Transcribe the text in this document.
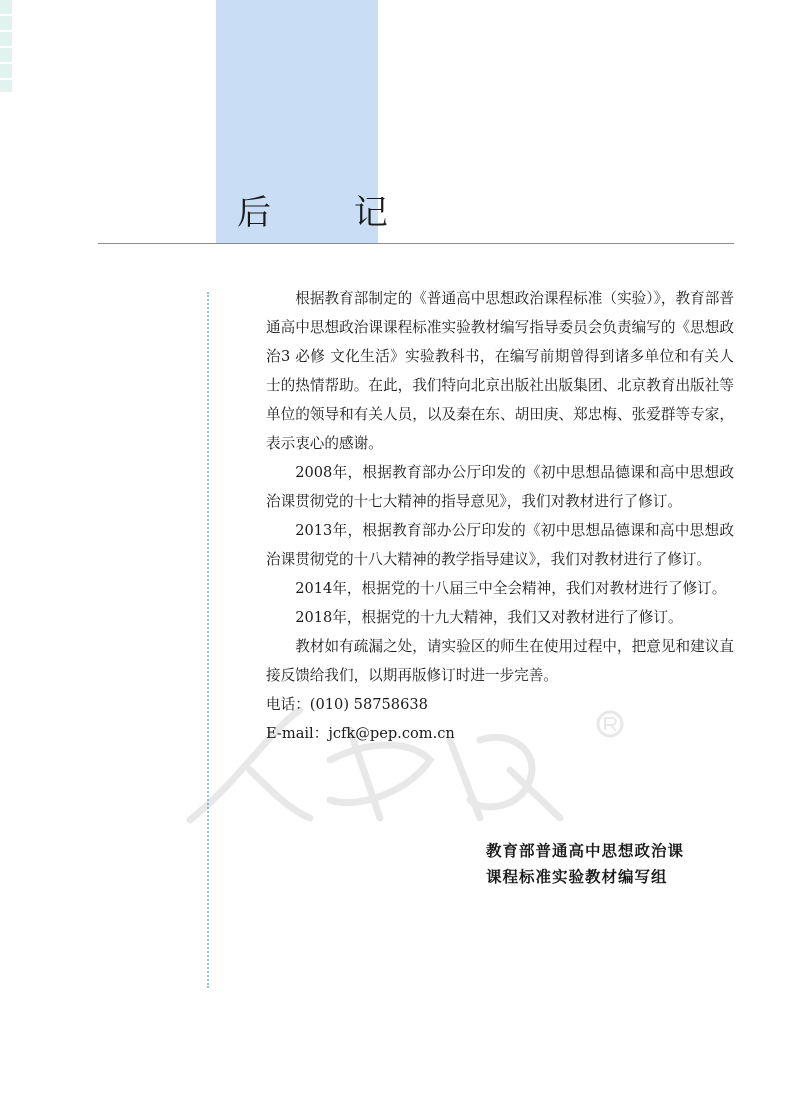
后 记

根据教育部制定的《普通高中思想政治课程标准（实验）》，教育部普通高中思想政治课课程标准实验教材编写指导委员会负责编写的《思想政治3 必修 文化生活》实验教科书，在编写前期曾得到诸多单位和有关人士的热情帮助。在此，我们特向北京出版社出版集团、北京教育出版社等单位的领导和有关人员，以及秦在东、胡田庚、郑忠梅、张爱群等专家，表示衷心的感谢。

2008年，根据教育部办公厅印发的《初中思想品德课和高中思想政治课贯彻党的十七大精神的指导意见》，我们对教材进行了修订。

2013年，根据教育部办公厅印发的《初中思想品德课和高中思想政治课贯彻党的十八大精神的教学指导建议》，我们对教材进行了修订。

2014年，根据党的十八届三中全会精神，我们对教材进行了修订。

2018年，根据党的十九大精神，我们又对教材进行了修订。

教材如有疏漏之处，请实验区的师生在使用过程中，把意见和建议直接反馈给我们，以期再版修订时进一步完善。

电话：(010) 58758638

E-mail：jcfk@pep.com.cn

教育部普通高中思想政治课
课程标准实验教材编写组
